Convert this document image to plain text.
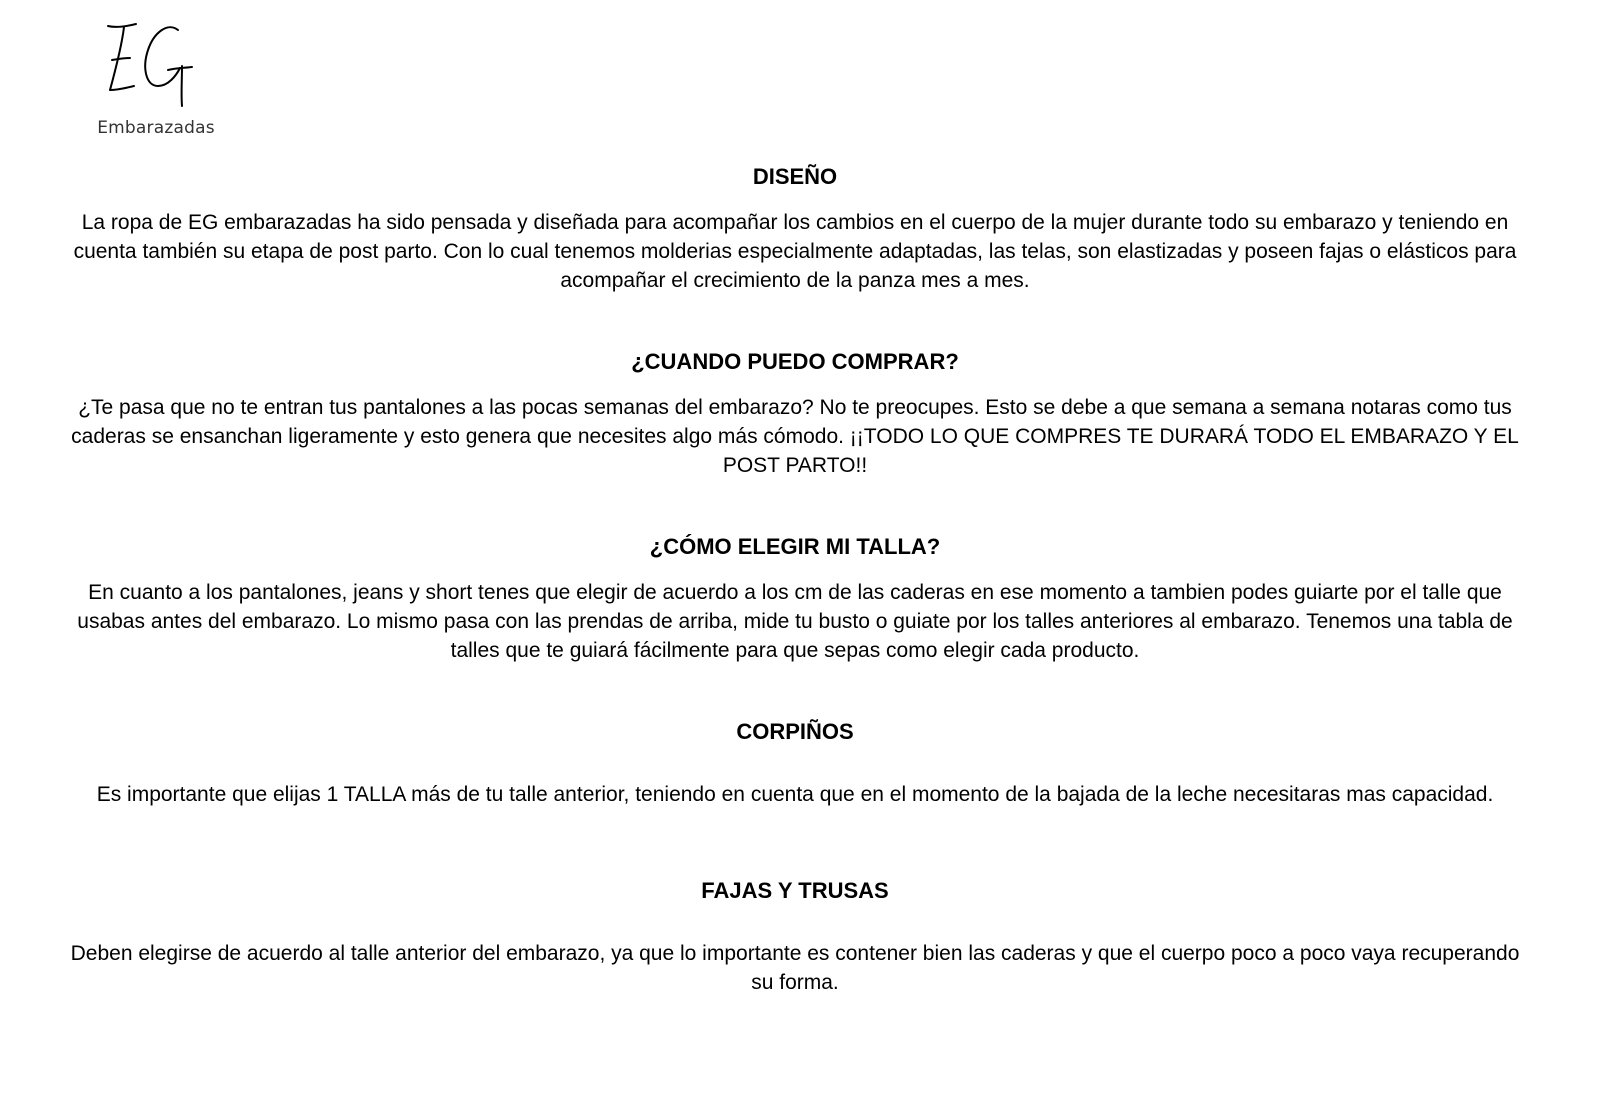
Embarazadas
DISEÑO

La ropa de EG embarazadas ha sido pensada y diseñada para acompañar los cambios en el cuerpo de la mujer durante todo su embarazo y teniendo en cuenta también su etapa de post parto. Con lo cual tenemos molderias especialmente adaptadas, las telas, son elastizadas y poseen fajas o elásticos para acompañar el crecimiento de la panza mes a mes.

¿CUANDO PUEDO COMPRAR?

¿Te pasa que no te entran tus pantalones a las pocas semanas del embarazo? No te preocupes. Esto se debe a que semana a semana notaras como tus caderas se ensanchan ligeramente y esto genera que necesites algo más cómodo. ¡¡TODO LO QUE COMPRES TE DURARÁ TODO EL EMBARAZO Y EL POST PARTO!!

¿CÓMO ELEGIR MI TALLA?

En cuanto a los pantalones, jeans y short tenes que elegir de acuerdo a los cm de las caderas en ese momento a tambien podes guiarte por el talle que usabas antes del embarazo. Lo mismo pasa con las prendas de arriba, mide tu busto o guiate por los talles anteriores al embarazo. Tenemos una tabla de talles que te guiará fácilmente para que sepas como elegir cada producto.

CORPIÑOS

Es importante que elijas 1 TALLA más de tu talle anterior, teniendo en cuenta que en el momento de la bajada de la leche necesitaras mas capacidad.

FAJAS Y TRUSAS

Deben elegirse de acuerdo al talle anterior del embarazo, ya que lo importante es contener bien las caderas y que el cuerpo poco a poco vaya recuperando su forma.
